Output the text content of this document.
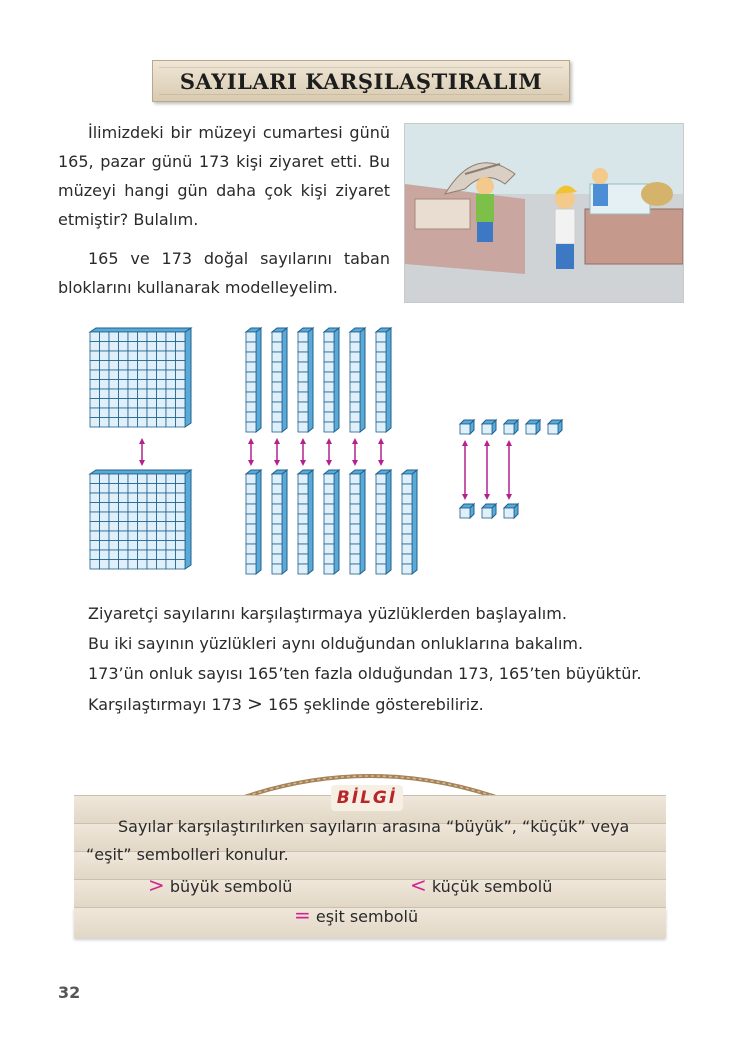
SAYILARI KARŞILAŞTIRALIM

İlimizdeki bir müzeyi cumartesi günü 165, pazar günü 173 kişi ziyaret etti. Bu müzeyi hangi gün daha çok kişi ziyaret etmiştir? Bulalım.

165 ve 173 doğal sayılarını taban bloklarını kullanarak modelleyelim.

Ziyaretçi sayılarını karşılaştırmaya yüzlüklerden başlayalım.

Bu iki sayının yüzlükleri aynı olduğundan onluklarına bakalım.

173’ün onluk sayısı 165’ten fazla olduğundan 173, 165’ten büyüktür.

Karşılaştırmayı 173 > 165 şeklinde gösterebiliriz.

BİLGİ

Sayılar karşılaştırılırken sayıların arasına “büyük”, “küçük” veya

“eşit” sembolleri konulur.

> büyük sembolü	< küçük sembolü

= eşit sembolü

32
